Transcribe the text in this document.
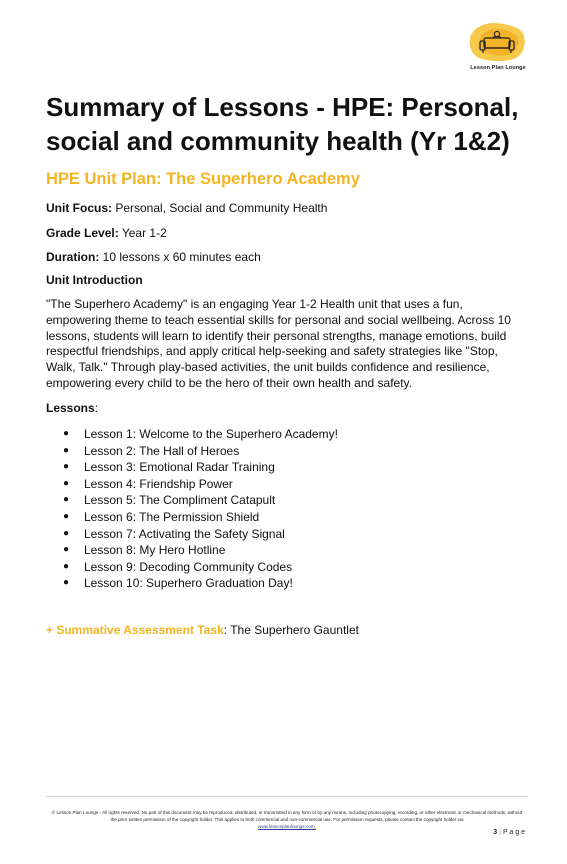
Lesson Plan Lounge
Summary of Lessons - HPE: Personal, social and community health (Yr 1&2)
HPE Unit Plan: The Superhero Academy
Unit Focus: Personal, Social and Community Health
Grade Level: Year 1-2
Duration: 10 lessons x 60 minutes each
Unit Introduction

"The Superhero Academy" is an engaging Year 1-2 Health unit that uses a fun, empowering theme to teach essential skills for personal and social wellbeing. Across 10 lessons, students will learn to identify their personal strengths, manage emotions, build respectful friendships, and apply critical help-seeking and safety strategies like "Stop, Walk, Talk." Through play-based activities, the unit builds confidence and resilience, empowering every child to be the hero of their own health and safety.

Lessons:
● Lesson 1: Welcome to the Superhero Academy!
● Lesson 2: The Hall of Heroes
● Lesson 3: Emotional Radar Training
● Lesson 4: Friendship Power
● Lesson 5: The Compliment Catapult
● Lesson 6: The Permission Shield
● Lesson 7: Activating the Safety Signal
● Lesson 8: My Hero Hotline
● Lesson 9: Decoding Community Codes
● Lesson 10: Superhero Graduation Day!
+ Summative Assessment Task: The Superhero Gauntlet
© Lesson Plan Lounge - All rights reserved. No part of this document may be reproduced, distributed, or transmitted in any form or by any means, including photocopying, recording, or other electronic or mechanical methods, without the prior written permission of the copyright holder. This applies to both commercial and non-commercial use. For permission requests, please contact the copyright holder via
www.lessonplanlounge.com.
3 | P a g e
